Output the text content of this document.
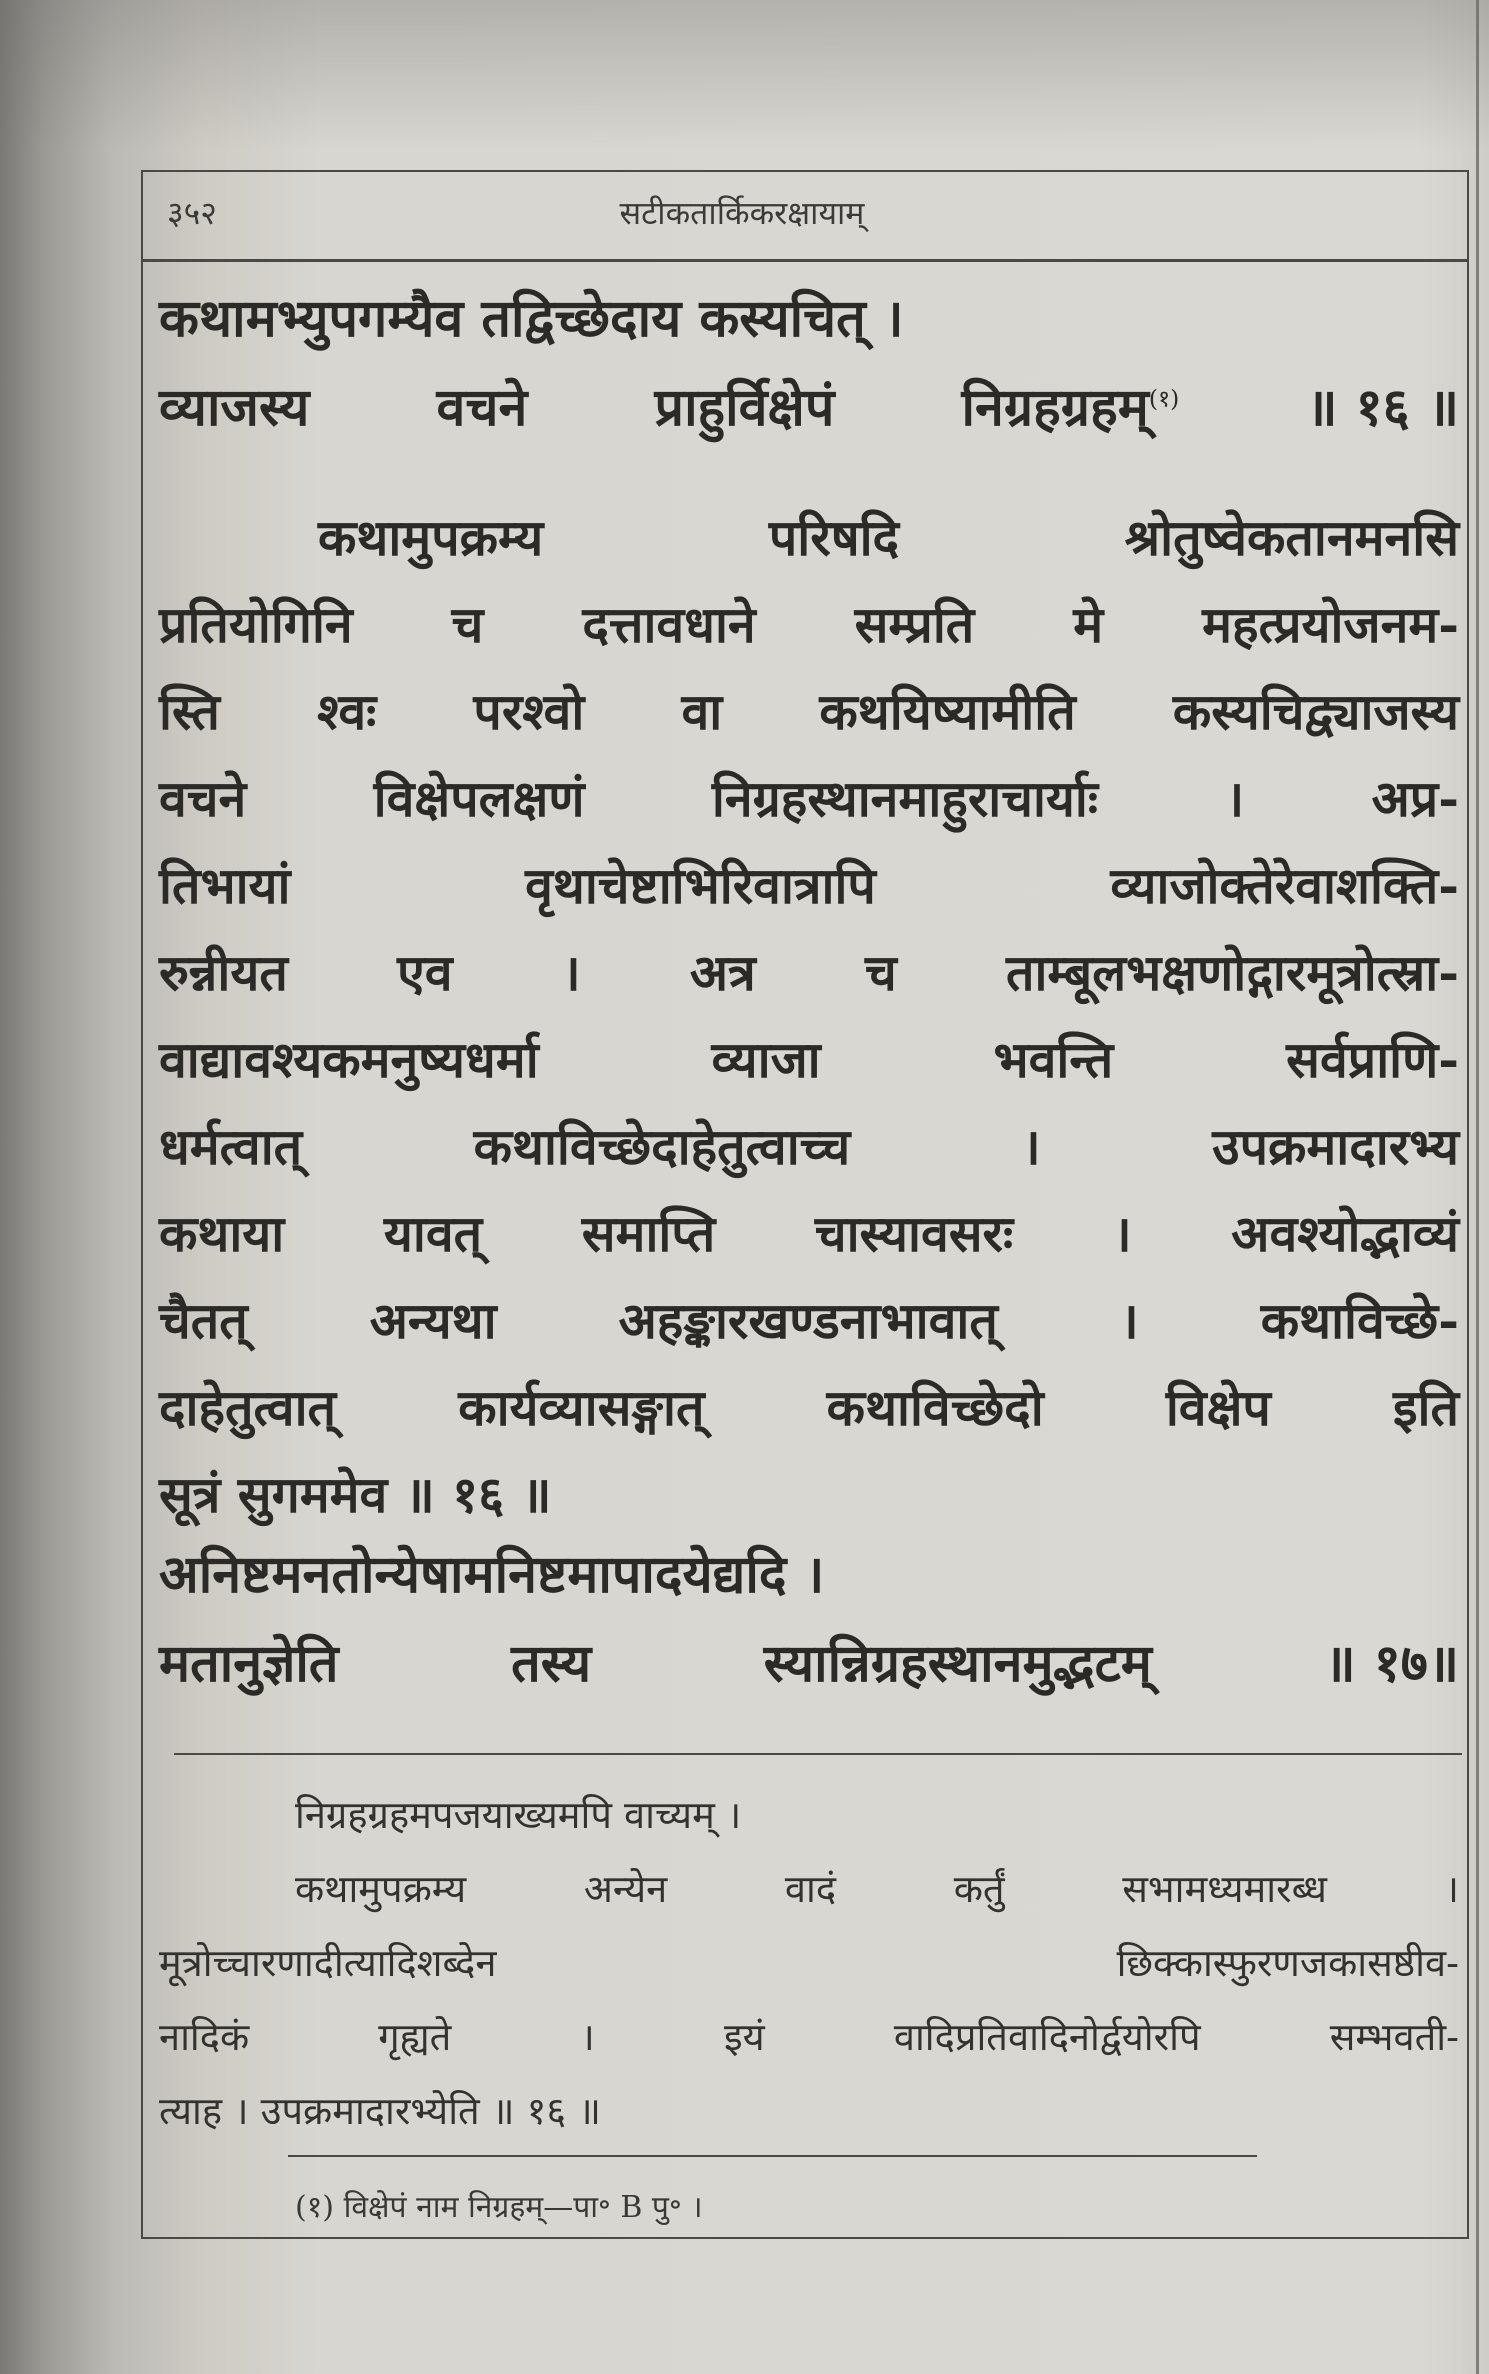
३५२	सटीकतार्किकरक्षायाम्
कथामभ्युपगम्यैव तद्विच्छेदाय कस्यचित् ।
व्याजस्य वचने प्राहुर्विक्षेपं निग्रहग्रहम्$^{(१)}$ ॥ १६ ॥
कथामुपक्रम्य परिषदि श्रोतुष्वेकतानमनसि
प्रतियोगिनि च दत्तावधाने सम्प्रति मे महत्प्रयोजनम-
स्ति श्वः परश्वो वा कथयिष्यामीति कस्यचिद्व्याजस्य
वचने विक्षेपलक्षणं निग्रहस्थानमाहुराचार्याः । अप्र-
तिभायां वृथाचेष्टाभिरिवात्रापि व्याजोक्तेरेवाशक्ति-
रुन्नीयत एव । अत्र च ताम्बूलभक्षणोद्गारमूत्रोत्स्रा-
वाद्यावश्यकमनुष्यधर्मा व्याजा भवन्ति सर्वप्राणि-
धर्मत्वात् कथाविच्छेदाहेतुत्वाच्च । उपक्रमादारभ्य
कथाया यावत् समाप्ति चास्यावसरः । अवश्योद्भाव्यं
चैतत् अन्यथा अहङ्कारखण्डनाभावात् । कथाविच्छे-
दाहेतुत्वात् कार्यव्यासङ्गात् कथाविच्छेदो विक्षेप इति
सूत्रं सुगममेव ॥ १६ ॥
अनिष्टमनतोन्येषामनिष्टमापादयेद्यदि ।
मतानुज्ञेति तस्य स्यान्निग्रहस्थानमुद्भटम्	॥ १७॥
निग्रहग्रहमपजयाख्यमपि वाच्यम् ।
कथामुपक्रम्य अन्येन वादं कर्तुं सभामध्यमारब्ध ।
मूत्रोच्चारणादीत्यादिशब्देन छिक्कास्फुरणजकासष्ठीव-
नादिकं गृह्यते । इयं वादिप्रतिवादिनोर्द्वयोरपि सम्भवती-
त्याह । उपक्रमादारभ्येति ॥ १६ ॥
(१) विक्षेपं नाम निग्रहम्—पा॰ B पु॰ ।
